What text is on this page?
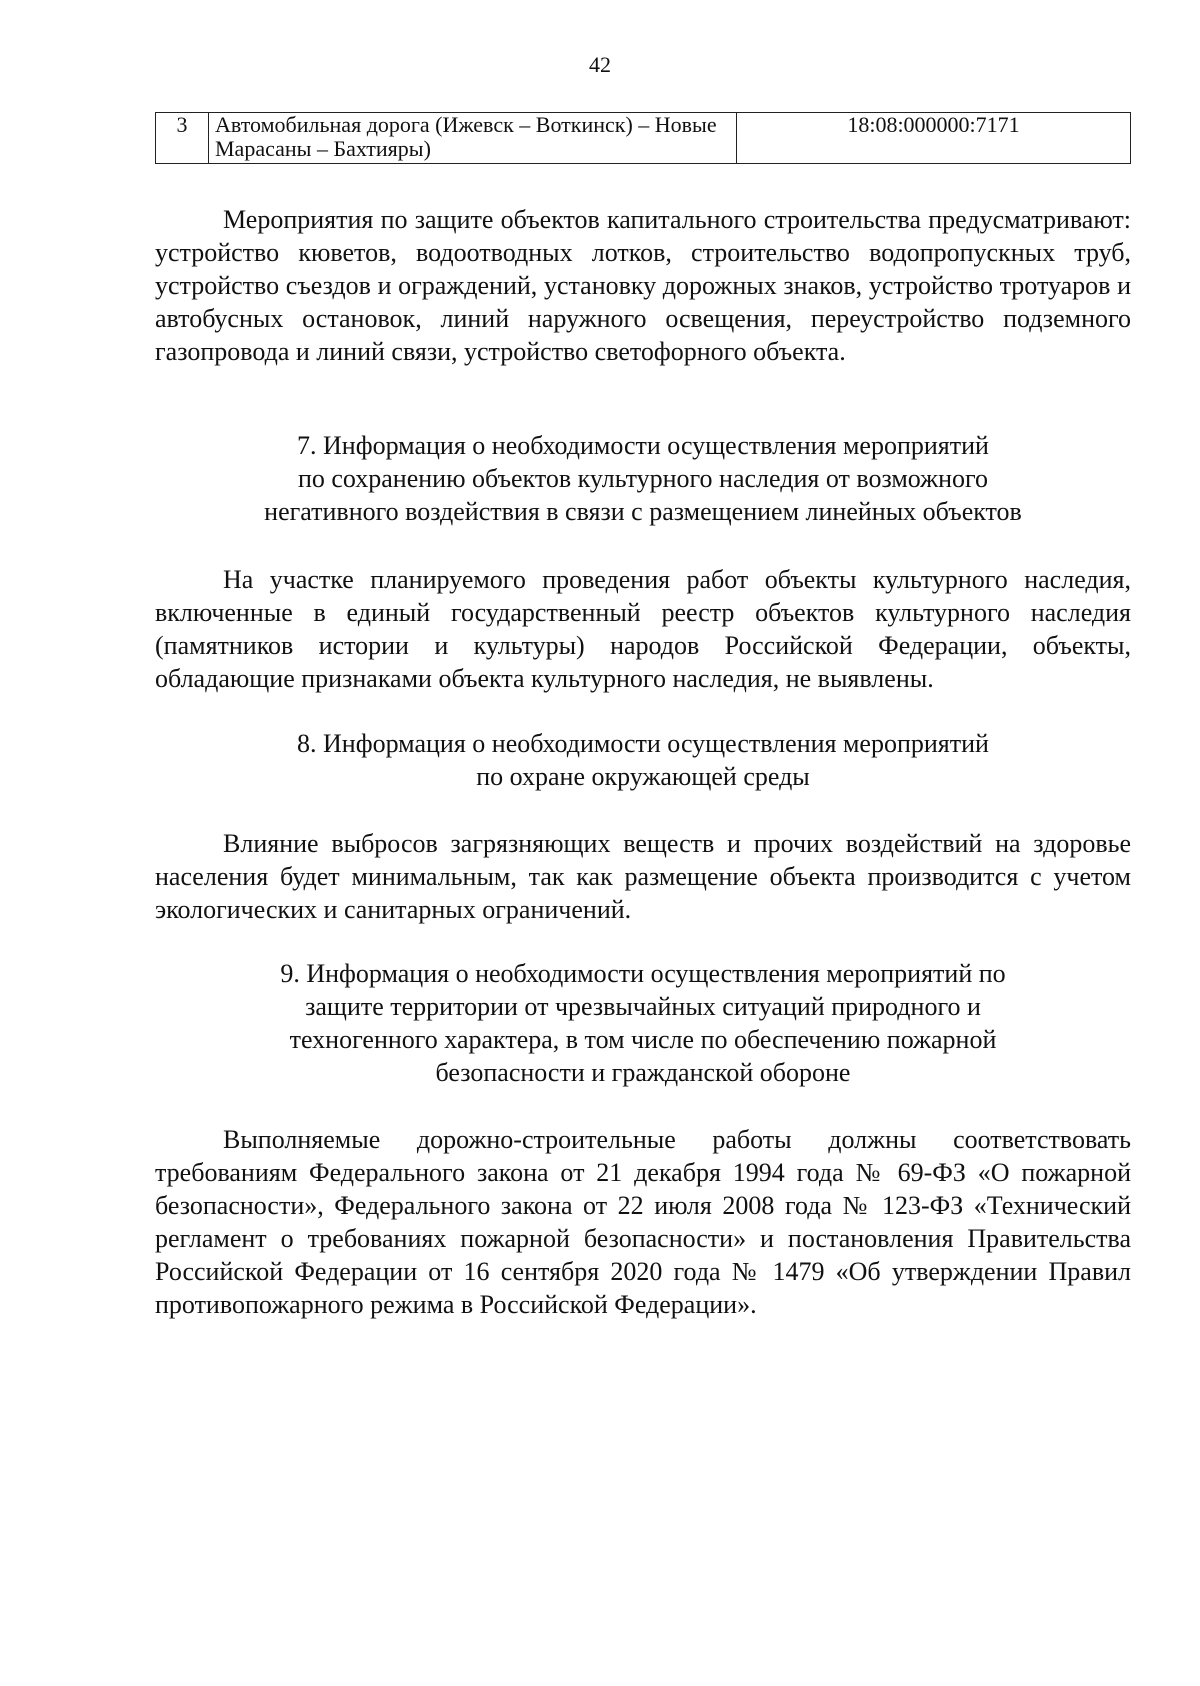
42
3	Автомобильная дорога (Ижевск – Воткинск) – Новые Марасаны – Бахтияры)	18:08:000000:7171

Мероприятия по защите объектов капитального строительства предусматривают: устройство кюветов, водоотводных лотков, строительство водопропускных труб, устройство съездов и ограждений, установку дорожных знаков, устройство тротуаров и автобусных остановок, линий наружного освещения, переустройство подземного газопровода и линий связи, устройство светофорного объекта.

7. Информация о необходимости осуществления мероприятий
по сохранению объектов культурного наследия от возможного
негативного воздействия в связи с размещением линейных объектов

На участке планируемого проведения работ объекты культурного наследия, включенные в единый государственный реестр объектов культурного наследия (памятников истории и культуры) народов Российской Федерации, объекты, обладающие признаками объекта культурного наследия, не выявлены.

8. Информация о необходимости осуществления мероприятий
по охране окружающей среды

Влияние выбросов загрязняющих веществ и прочих воздействий на здоровье населения будет минимальным, так как размещение объекта производится с учетом экологических и санитарных ограничений.

9. Информация о необходимости осуществления мероприятий по
защите территории от чрезвычайных ситуаций природного и
техногенного характера, в том числе по обеспечению пожарной
безопасности и гражданской обороне

Выполняемые дорожно-строительные работы должны соответствовать требованиям Федерального закона от 21 декабря 1994 года № 69-ФЗ «О пожарной безопасности», Федерального закона от 22 июля 2008 года № 123-ФЗ «Технический регламент о требованиях пожарной безопасности» и постановления Правительства Российской Федерации от 16 сентября 2020 года № 1479 «Об утверждении Правил противопожарного режима в Российской Федерации».
